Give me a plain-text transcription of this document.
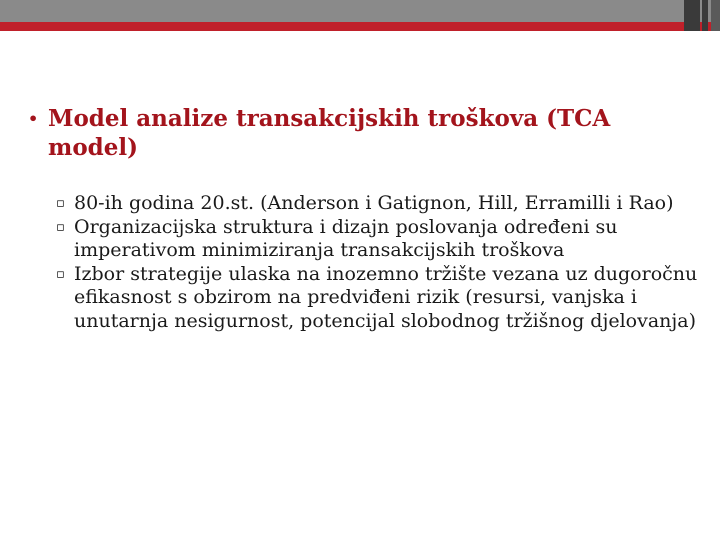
• Model analize transakcijskih troškova (TCA model)

▫ 80-ih godina 20.st. (Anderson i Gatignon, Hill, Erramilli i Rao)
▫ Organizacijska struktura i dizajn poslovanja određeni su imperativom minimiziranja transakcijskih troškova
▫ Izbor strategije ulaska na inozemno tržište vezana uz dugoročnu efikasnost s obzirom na predviđeni rizik (resursi, vanjska i unutarnja nesigurnost, potencijal slobodnog tržišnog djelovanja)
